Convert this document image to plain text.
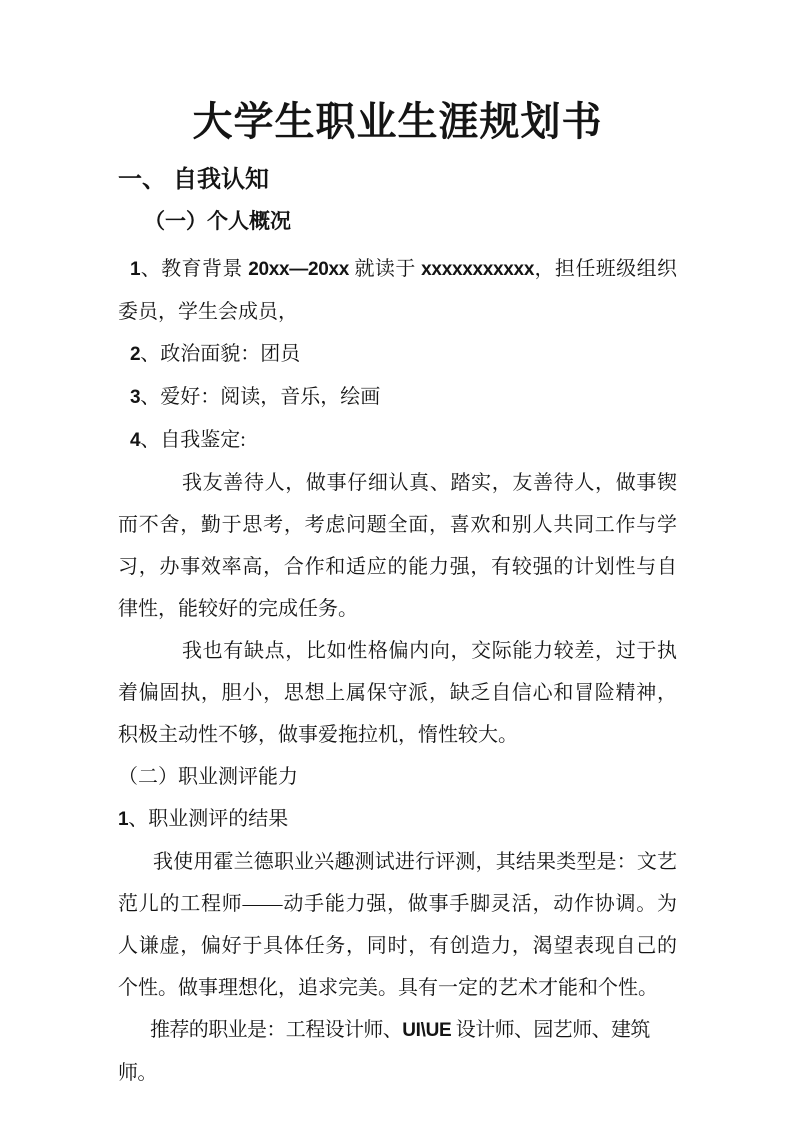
大学生职业生涯规划书
一、 自我认知
（一）个人概况

1、教育背景 20xx—20xx 就读于 xxxxxxxxxxx，担任班级组织委员，学生会成员，

2、政治面貌：团员

3、爱好：阅读，音乐，绘画

4、自我鉴定:

我友善待人，做事仔细认真、踏实，友善待人，做事锲而不舍，勤于思考，考虑问题全面，喜欢和别人共同工作与学习，办事效率高，合作和适应的能力强，有较强的计划性与自律性，能较好的完成任务。

我也有缺点，比如性格偏内向，交际能力较差，过于执着偏固执，胆小，思想上属保守派，缺乏自信心和冒险精神，积极主动性不够，做事爱拖拉机，惰性较大。

（二）职业测评能力

1、职业测评的结果

我使用霍兰德职业兴趣测试进行评测，其结果类型是：文艺范儿的工程师——动手能力强，做事手脚灵活，动作协调。为人谦虚，偏好于具体任务，同时，有创造力，渴望表现自己的个性。做事理想化，追求完美。具有一定的艺术才能和个性。

推荐的职业是：工程设计师、UI\UE 设计师、园艺师、建筑师。
